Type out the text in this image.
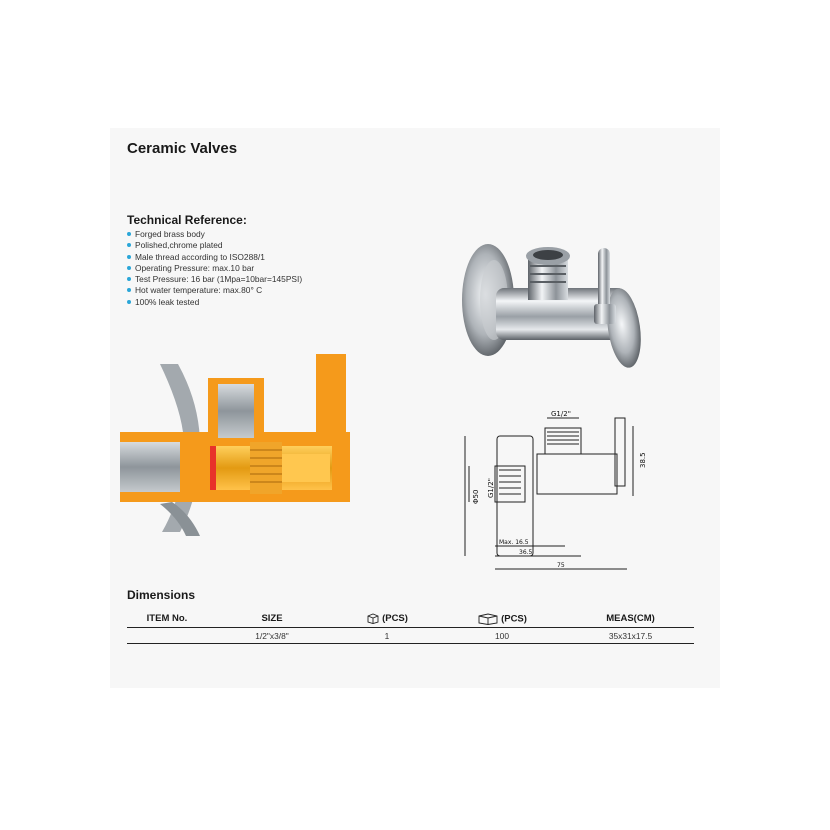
Ceramic Valves
Technical Reference:
Forged brass body
Polished,chrome plated
Male thread according to ISO288/1
Operating Pressure: max.10 bar
Test Pressure: 16 bar (1Mpa=10bar=145PSI)
Hot water temperature: max.80° C
100% leak tested
G1/2"
Φ50 G1/2"
38.5
Max. 16.5
36.5
75
Dimensions
ITEM No.	SIZE	(PCS)	(PCS)	MEAS(CM)
	1/2"x3/8"	1	100	35x31x17.5
